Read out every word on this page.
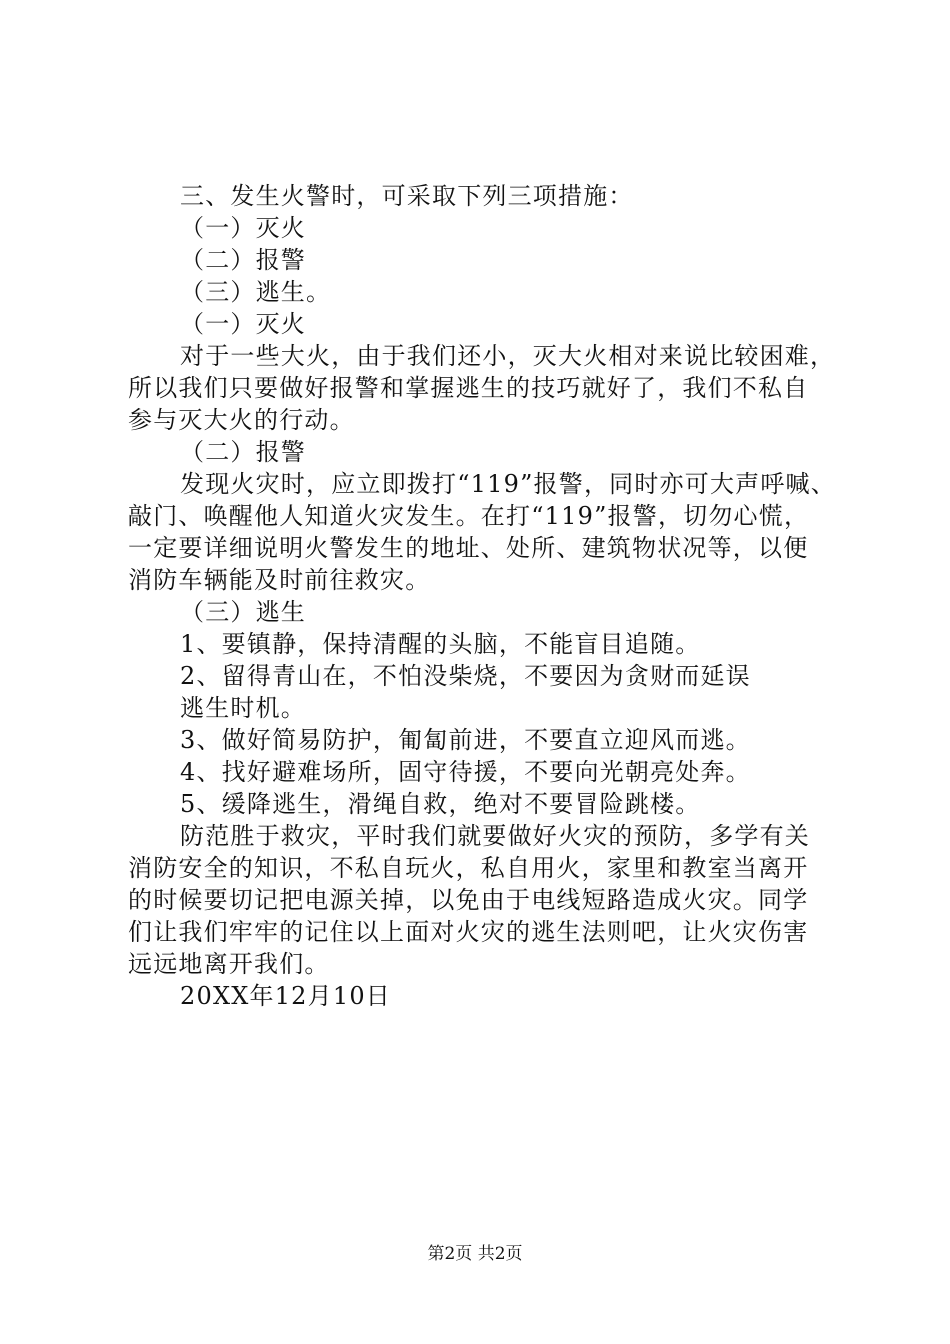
三、发生火警时，可采取下列三项措施：
（一）灭火
（二）报警
（三）逃生。
（一）灭火
对于一些大火，由于我们还小，灭大火相对来说比较困难，
所以我们只要做好报警和掌握逃生的技巧就好了，我们不私自
参与灭大火的行动。
（二）报警
发现火灾时，应立即拨打“119”报警，同时亦可大声呼喊、
敲门、唤醒他人知道火灾发生。在打“119”报警，切勿心慌，
一定要详细说明火警发生的地址、处所、建筑物状况等，以便
消防车辆能及时前往救灾。
（三）逃生
1、要镇静，保持清醒的头脑，不能盲目追随。
2、留得青山在，不怕没柴烧，不要因为贪财而延误
逃生时机。
3、做好简易防护，匍匐前进，不要直立迎风而逃。
4、找好避难场所，固守待援，不要向光朝亮处奔。
5、缓降逃生，滑绳自救，绝对不要冒险跳楼。
防范胜于救灾，平时我们就要做好火灾的预防，多学有关
消防安全的知识，不私自玩火，私自用火，家里和教室当离开
的时候要切记把电源关掉，以免由于电线短路造成火灾。同学
们让我们牢牢的记住以上面对火灾的逃生法则吧，让火灾伤害
远远地离开我们。
20XX年12月10日
第2页 共2页
